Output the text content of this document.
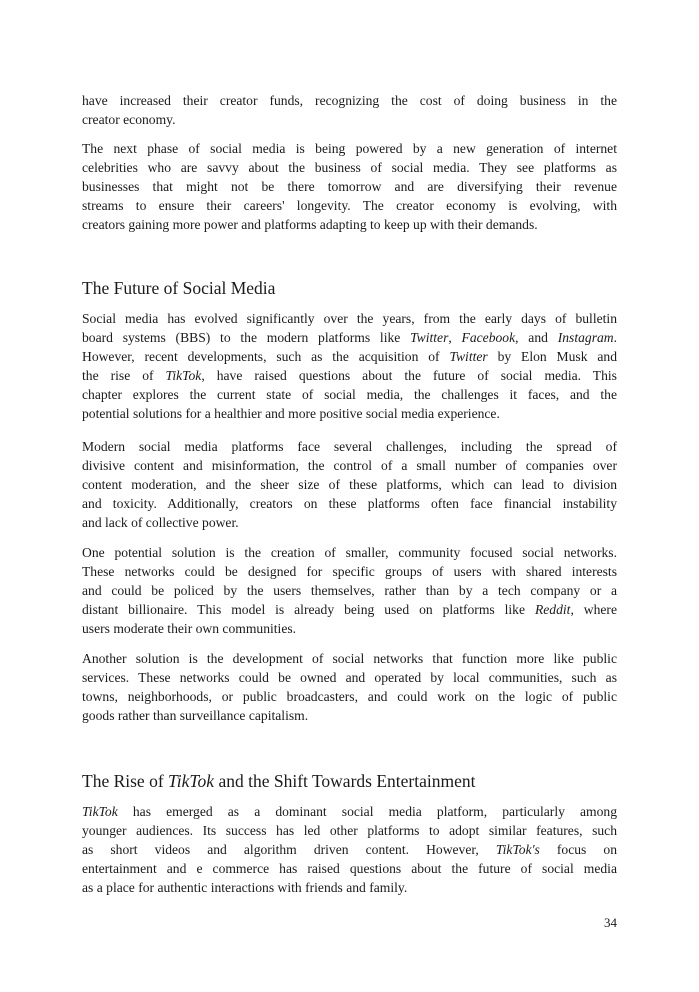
have increased their creator funds, recognizing the cost of doing business in the
creator economy.
The next phase of social media is being powered by a new generation of internet
celebrities who are savvy about the business of social media. They see platforms as
businesses that might not be there tomorrow and are diversifying their revenue
streams to ensure their careers' longevity. The creator economy is evolving, with
creators gaining more power and platforms adapting to keep up with their demands.
The Future of Social Media
Social media has evolved significantly over the years, from the early days of bulletin
board systems (BBS) to the modern platforms like Twitter, Facebook, and Instagram.
However, recent developments, such as the acquisition of Twitter by Elon Musk and
the rise of TikTok, have raised questions about the future of social media. This
chapter explores the current state of social media, the challenges it faces, and the
potential solutions for a healthier and more positive social media experience.
Modern social media platforms face several challenges, including the spread of
divisive content and misinformation, the control of a small number of companies over
content moderation, and the sheer size of these platforms, which can lead to division
and toxicity. Additionally, creators on these platforms often face financial instability
and lack of collective power.
One potential solution is the creation of smaller, community focused social networks.
These networks could be designed for specific groups of users with shared interests
and could be policed by the users themselves, rather than by a tech company or a
distant billionaire. This model is already being used on platforms like Reddit, where
users moderate their own communities.
Another solution is the development of social networks that function more like public
services. These networks could be owned and operated by local communities, such as
towns, neighborhoods, or public broadcasters, and could work on the logic of public
goods rather than surveillance capitalism.
The Rise of TikTok and the Shift Towards Entertainment
TikTok has emerged as a dominant social media platform, particularly among
younger audiences. Its success has led other platforms to adopt similar features, such
as short videos and algorithm driven content. However, TikTok's focus on
entertainment and e commerce has raised questions about the future of social media
as a place for authentic interactions with friends and family.
34
